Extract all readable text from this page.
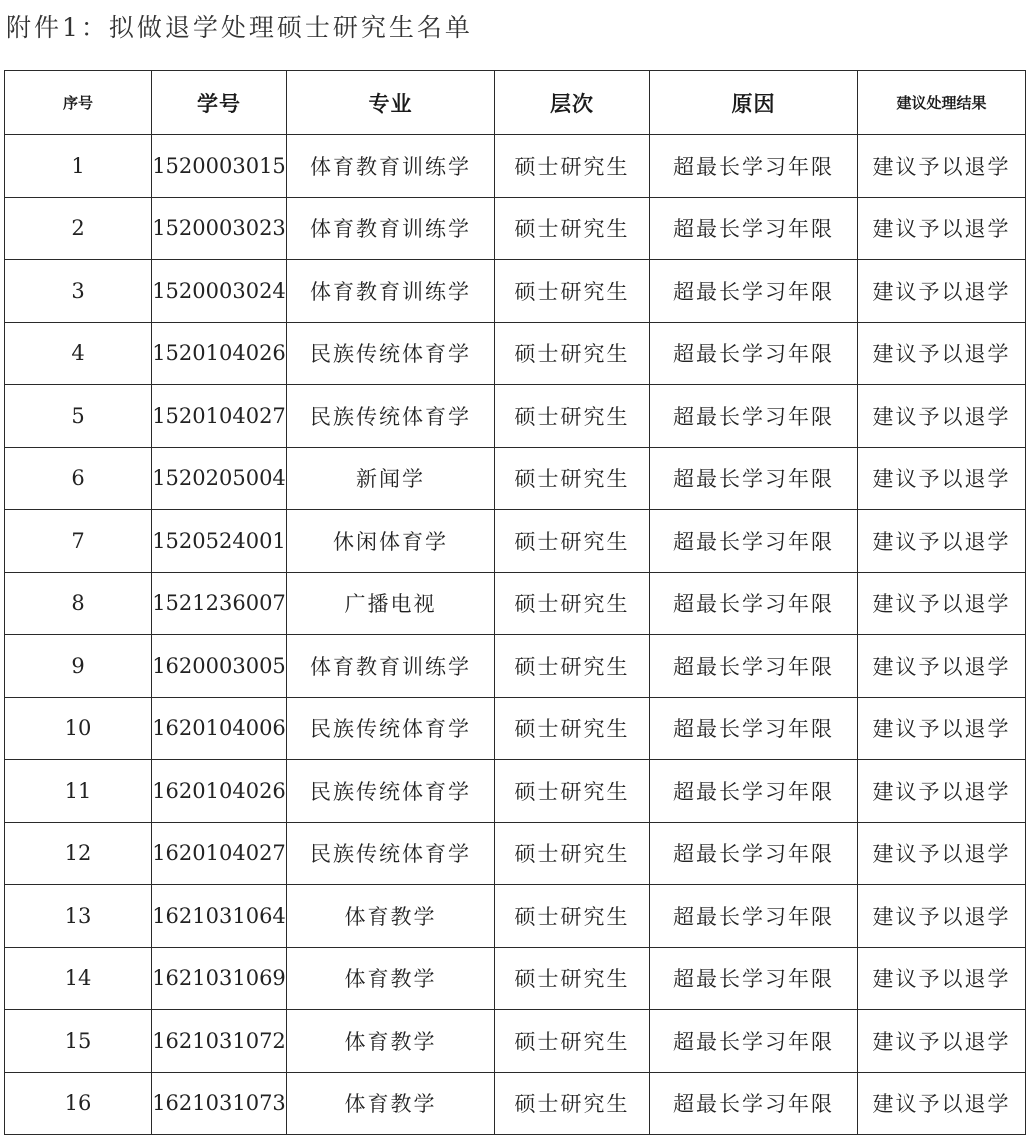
附件1：拟做退学处理硕士研究生名单
序号	学号	专业	层次	原因	建议处理结果
1	1520003015	体育教育训练学	硕士研究生	超最长学习年限	建议予以退学
2	1520003023	体育教育训练学	硕士研究生	超最长学习年限	建议予以退学
3	1520003024	体育教育训练学	硕士研究生	超最长学习年限	建议予以退学
4	1520104026	民族传统体育学	硕士研究生	超最长学习年限	建议予以退学
5	1520104027	民族传统体育学	硕士研究生	超最长学习年限	建议予以退学
6	1520205004	新闻学	硕士研究生	超最长学习年限	建议予以退学
7	1520524001	休闲体育学	硕士研究生	超最长学习年限	建议予以退学
8	1521236007	广播电视	硕士研究生	超最长学习年限	建议予以退学
9	1620003005	体育教育训练学	硕士研究生	超最长学习年限	建议予以退学
10	1620104006	民族传统体育学	硕士研究生	超最长学习年限	建议予以退学
11	1620104026	民族传统体育学	硕士研究生	超最长学习年限	建议予以退学
12	1620104027	民族传统体育学	硕士研究生	超最长学习年限	建议予以退学
13	1621031064	体育教学	硕士研究生	超最长学习年限	建议予以退学
14	1621031069	体育教学	硕士研究生	超最长学习年限	建议予以退学
15	1621031072	体育教学	硕士研究生	超最长学习年限	建议予以退学
16	1621031073	体育教学	硕士研究生	超最长学习年限	建议予以退学
